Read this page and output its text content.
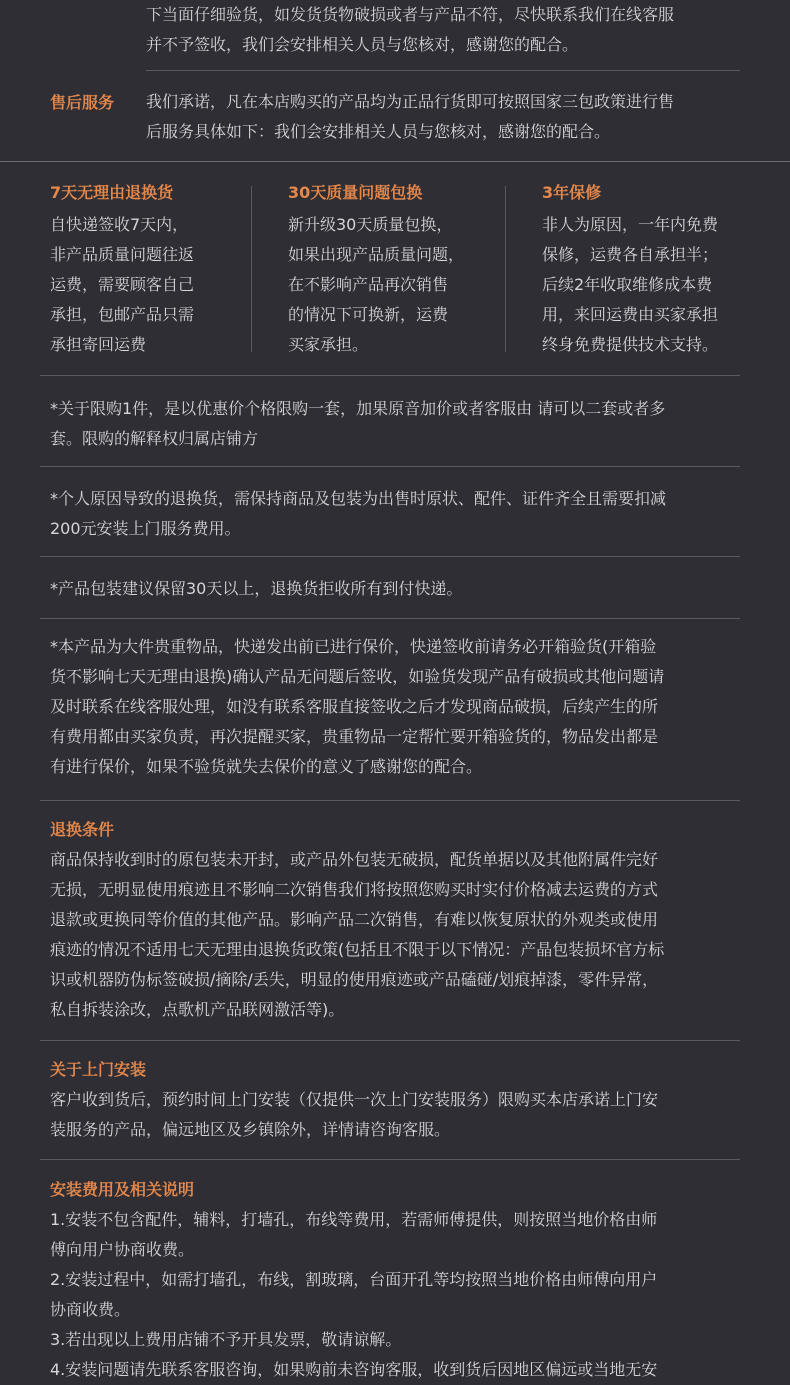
下当面仔细验货，如发货货物破损或者与产品不符，尽快联系我们在线客服
并不予签收，我们会安排相关人员与您核对，感谢您的配合。
售后服务 我们承诺，凡在本店购买的产品均为正品行货即可按照国家三包政策进行售
后服务具体如下：我们会安排相关人员与您核对，感谢您的配合。
7天无理由退换货
自快递签收7天内，
非产品质量问题往返
运费，需要顾客自己
承担，包邮产品只需
承担寄回运费
30天质量问题包换
新升级30天质量包换，
如果出现产品质量问题，
在不影响产品再次销售
的情况下可换新，运费
买家承担。
3年保修
非人为原因，一年内免费
保修，运费各自承担半；
后续2年收取维修成本费
用，来回运费由买家承担
终身免费提供技术支持。
*关于限购1件，是以优惠价个格限购一套，加果原音加价或者客服由 请可以二套或者多
套。限购的解释权归属店铺方
*个人原因导致的退换货，需保持商品及包装为出售时原状、配件、证件齐全且需要扣减
200元安装上门服务费用。
*产品包装建议保留30天以上，退换货拒收所有到付快递。
*本产品为大件贵重物品，快递发出前已进行保价，快递签收前请务必开箱验货(开箱验
货不影响七天无理由退换)确认产品无问题后签收，如验货发现产品有破损或其他问题请
及时联系在线客服处理，如没有联系客服直接签收之后才发现商品破损，后续产生的所
有费用都由买家负责，再次提醒买家，贵重物品一定帮忙要开箱验货的，物品发出都是
有进行保价，如果不验货就失去保价的意义了感谢您的配合。
退换条件
商品保持收到时的原包装未开封，或产品外包装无破损，配货单据以及其他附属件完好
无损，无明显使用痕迹且不影响二次销售我们将按照您购买时实付价格减去运费的方式
退款或更换同等价值的其他产品。影响产品二次销售，有难以恢复原状的外观类或使用
痕迹的情况不适用七天无理由退换货政策(包括且不限于以下情况：产晶包装损坏官方标
识或机器防伪标签破损/摘除/丢失，明显的使用痕迹或产品磕碰/划痕掉漆，零件异常，
私自拆装涂改，点歌机产品联网激活等)。
关于上门安装
客户收到货后，预约时间上门安装（仅提供一次上门安装服务）限购买本店承诺上门安
装服务的产品，偏远地区及乡镇除外，详情请咨询客服。
安装费用及相关说明
1.安装不包含配件，辅料，打墙孔，布线等费用，若需师傅提供，则按照当地价格由师
傅向用户协商收费。
2.安装过程中，如需打墙孔，布线，割玻璃，台面开孔等均按照当地价格由师傅向用户
协商收费。
3.若出现以上费用店铺不予开具发票，敬请谅解。
4.安装问题请先联系客服咨询，如果购前未咨询客服，收到货后因地区偏远或当地无安
